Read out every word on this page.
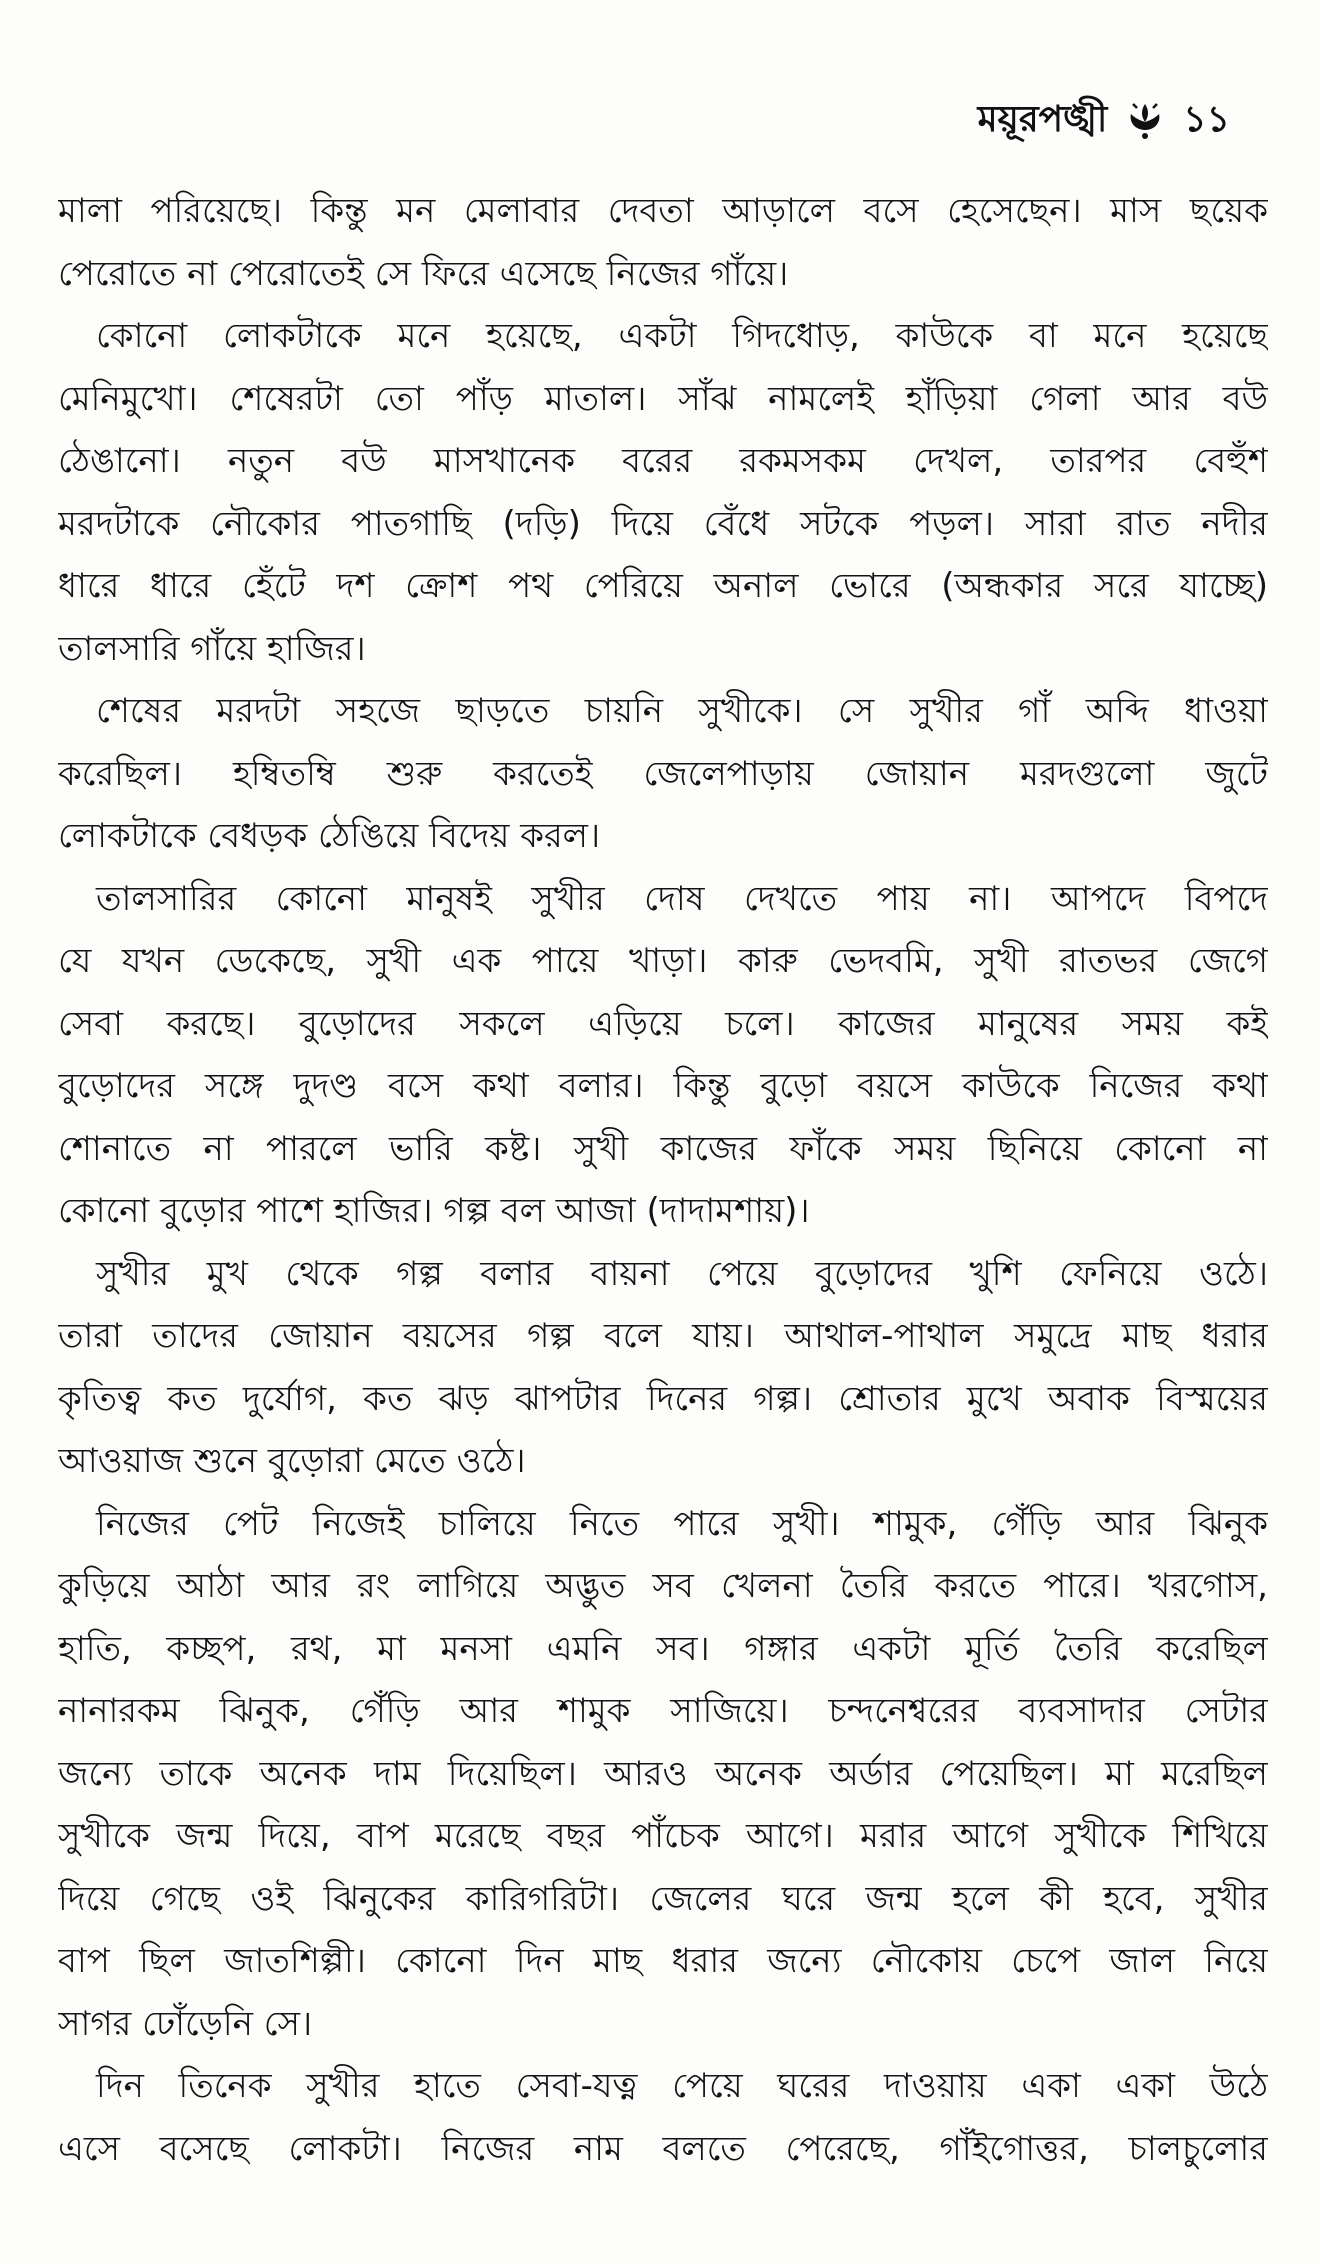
ময়ূরপঙ্খী ১১
মালা পরিয়েছে। কিন্তু মন মেলাবার দেবতা আড়ালে বসে হেসেছেন। মাস ছয়েক
পেরোতে না পেরোতেই সে ফিরে এসেছে নিজের গাঁয়ে।
কোনো লোকটাকে মনে হয়েছে, একটা গিদধোড়, কাউকে বা মনে হয়েছে
মেনিমুখো। শেষেরটা তো পাঁড় মাতাল। সাঁঝ নামলেই হাঁড়িয়া গেলা আর বউ
ঠেঙানো। নতুন বউ মাসখানেক বরের রকমসকম দেখল, তারপর বেহুঁশ
মরদটাকে নৌকোর পাতগাছি (দড়ি) দিয়ে বেঁধে সটকে পড়ল। সারা রাত নদীর
ধারে ধারে হেঁটে দশ ক্রোশ পথ পেরিয়ে অনাল ভোরে (অন্ধকার সরে যাচ্ছে)
তালসারি গাঁয়ে হাজির।
শেষের মরদটা সহজে ছাড়তে চায়নি সুখীকে। সে সুখীর গাঁ অব্দি ধাওয়া
করেছিল। হম্বিতম্বি শুরু করতেই জেলেপাড়ায় জোয়ান মরদগুলো জুটে
লোকটাকে বেধড়ক ঠেঙিয়ে বিদেয় করল।
তালসারির কোনো মানুষই সুখীর দোষ দেখতে পায় না। আপদে বিপদে
যে যখন ডেকেছে, সুখী এক পায়ে খাড়া। কারু ভেদবমি, সুখী রাতভর জেগে
সেবা করছে। বুড়োদের সকলে এড়িয়ে চলে। কাজের মানুষের সময় কই
বুড়োদের সঙ্গে দুদণ্ড বসে কথা বলার। কিন্তু বুড়ো বয়সে কাউকে নিজের কথা
শোনাতে না পারলে ভারি কষ্ট। সুখী কাজের ফাঁকে সময় ছিনিয়ে কোনো না
কোনো বুড়োর পাশে হাজির। গল্প বল আজা (দাদামশায়)।
সুখীর মুখ থেকে গল্প বলার বায়না পেয়ে বুড়োদের খুশি ফেনিয়ে ওঠে।
তারা তাদের জোয়ান বয়সের গল্প বলে যায়। আথাল-পাথাল সমুদ্রে মাছ ধরার
কৃতিত্ব কত দুর্যোগ, কত ঝড় ঝাপটার দিনের গল্প। শ্রোতার মুখে অবাক বিস্ময়ের
আওয়াজ শুনে বুড়োরা মেতে ওঠে।
নিজের পেট নিজেই চালিয়ে নিতে পারে সুখী। শামুক, গেঁড়ি আর ঝিনুক
কুড়িয়ে আঠা আর রং লাগিয়ে অদ্ভুত সব খেলনা তৈরি করতে পারে। খরগোস,
হাতি, কচ্ছপ, রথ, মা মনসা এমনি সব। গঙ্গার একটা মূর্তি তৈরি করেছিল
নানারকম ঝিনুক, গেঁড়ি আর শামুক সাজিয়ে। চন্দনেশ্বরের ব্যবসাদার সেটার
জন্যে তাকে অনেক দাম দিয়েছিল। আরও অনেক অর্ডার পেয়েছিল। মা মরেছিল
সুখীকে জন্ম দিয়ে, বাপ মরেছে বছর পাঁচেক আগে। মরার আগে সুখীকে শিখিয়ে
দিয়ে গেছে ওই ঝিনুকের কারিগরিটা। জেলের ঘরে জন্ম হলে কী হবে, সুখীর
বাপ ছিল জাতশিল্পী। কোনো দিন মাছ ধরার জন্যে নৌকোয় চেপে জাল নিয়ে
সাগর ঢোঁড়েনি সে।
দিন তিনেক সুখীর হাতে সেবা-যত্ন পেয়ে ঘরের দাওয়ায় একা একা উঠে
এসে বসেছে লোকটা। নিজের নাম বলতে পেরেছে, গাঁইগোত্তর, চালচুলোর
